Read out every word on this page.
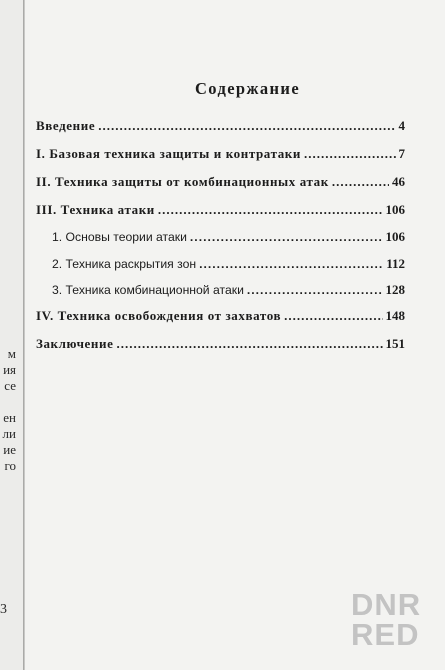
м
ия
се
ен
ли
ие
го
3
Содержание
Введение .....	4
I. Базовая техника защиты и контратаки .....	7
II. Техника защиты от комбинационных атак .....	46
III. Техника атаки .....	106
1. Основы теории атаки .....	106
2. Техника раскрытия зон .....	112
3. Техника комбинационной атаки .....	128
IV. Техника освобождения от захватов .....	148
Заключение .....	151
DNR
RED
